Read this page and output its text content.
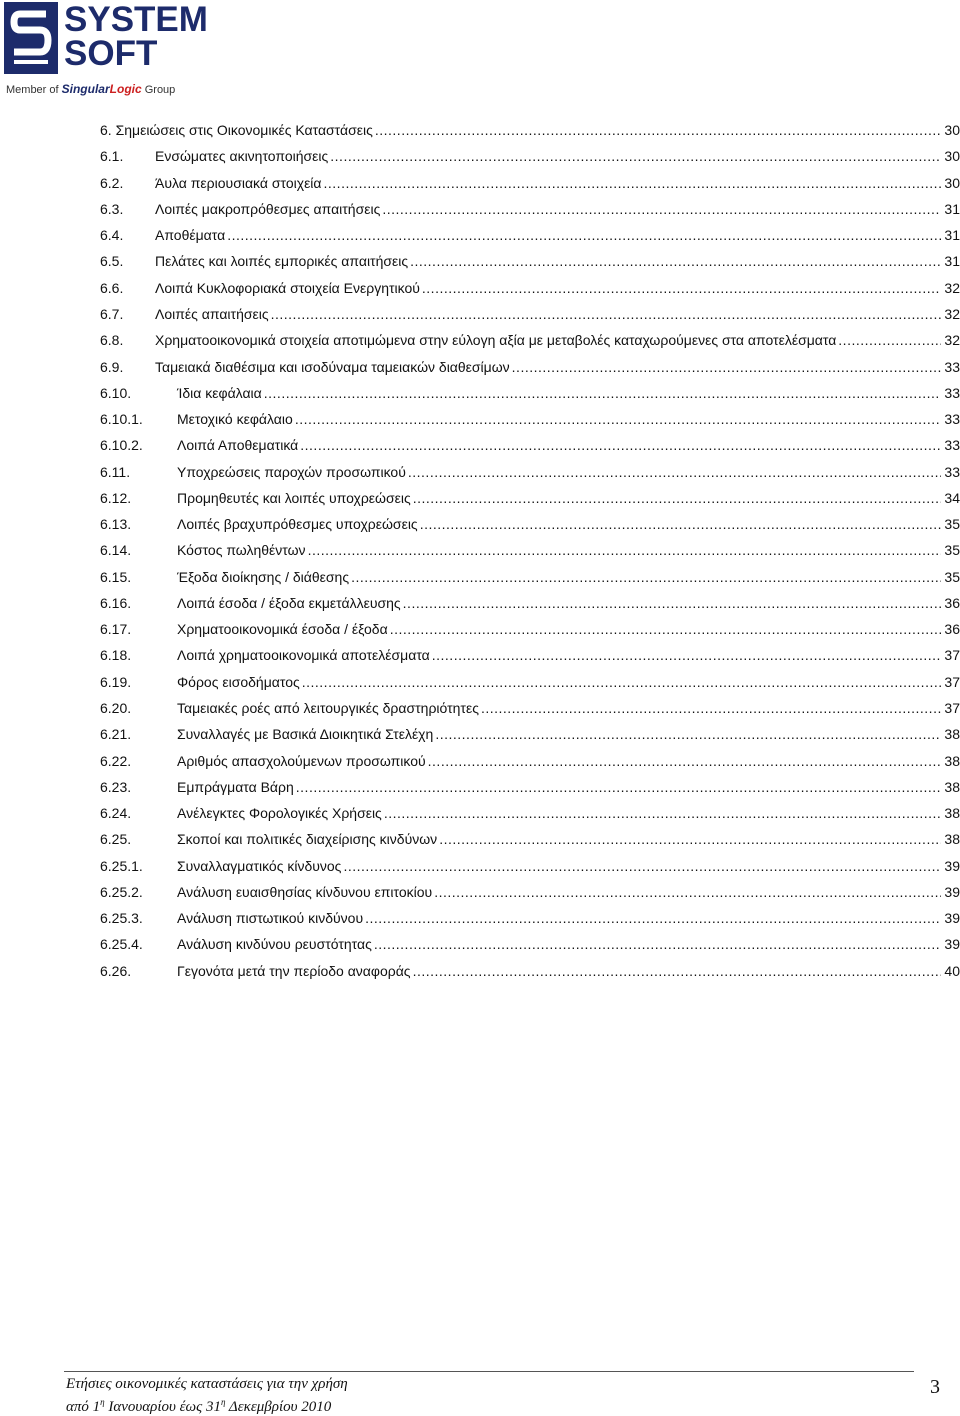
SYSTEM
SOFT
Member of SingularLogic Group
6. Σημειώσεις στις Οικονομικές Καταστάσεις .....	30
6.1.	Ενσώματες ακινητοποιήσεις .....	30
6.2.	Άυλα περιουσιακά στοιχεία .....	30
6.3.	Λοιπές μακροπρόθεσμες απαιτήσεις .....	31
6.4.	Αποθέματα .....	31
6.5.	Πελάτες και λοιπές εμπορικές απαιτήσεις .....	31
6.6.	Λοιπά Κυκλοφοριακά στοιχεία Ενεργητικού .....	32
6.7.	Λοιπές απαιτήσεις .....	32
6.8.	Χρηματοοικονομικά στοιχεία αποτιμώμενα στην εύλογη αξία με μεταβολές καταχωρούμενες στα αποτελέσματα .....	32
6.9.	Ταμειακά διαθέσιμα και ισοδύναμα ταμειακών διαθεσίμων .....	33
6.10.	Ίδια κεφάλαια .....	33
6.10.1.	Μετοχικό κεφάλαιο .....	33
6.10.2.	Λοιπά Αποθεματικά .....	33
6.11.	Υποχρεώσεις παροχών προσωπικού .....	33
6.12.	Προμηθευτές και λοιπές υποχρεώσεις .....	34
6.13.	Λοιπές βραχυπρόθεσμες υποχρεώσεις .....	35
6.14.	Κόστος πωληθέντων .....	35
6.15.	Έξοδα διοίκησης / διάθεσης .....	35
6.16.	Λοιπά έσοδα / έξοδα εκμετάλλευσης .....	36
6.17.	Χρηματοοικονομικά έσοδα / έξοδα .....	36
6.18.	Λοιπά χρηματοοικονομικά αποτελέσματα .....	37
6.19.	Φόρος εισοδήματος .....	37
6.20.	Ταμειακές ροές από λειτουργικές δραστηριότητες .....	37
6.21.	Συναλλαγές με Βασικά Διοικητικά Στελέχη .....	38
6.22.	Αριθμός απασχολούμενων προσωπικού .....	38
6.23.	Εμπράγματα Βάρη .....	38
6.24.	Ανέλεγκτες Φορολογικές Χρήσεις .....	38
6.25.	Σκοποί και πολιτικές διαχείρισης κινδύνων .....	38
6.25.1.	Συναλλαγματικός κίνδυνος .....	39
6.25.2.	Ανάλυση ευαισθησίας κίνδυνου επιτοκίου .....	39
6.25.3.	Ανάλυση πιστωτικού κινδύνου .....	39
6.25.4.	Ανάλυση κινδύνου ρευστότητας .....	39
6.26.	Γεγονότα μετά την περίοδο αναφοράς .....	40
Ετήσιες οικονομικές καταστάσεις για την χρήση
από $1^\eta$ Ιανουαρίου έως $31^\eta$ Δεκεμβρίου 2010
3
